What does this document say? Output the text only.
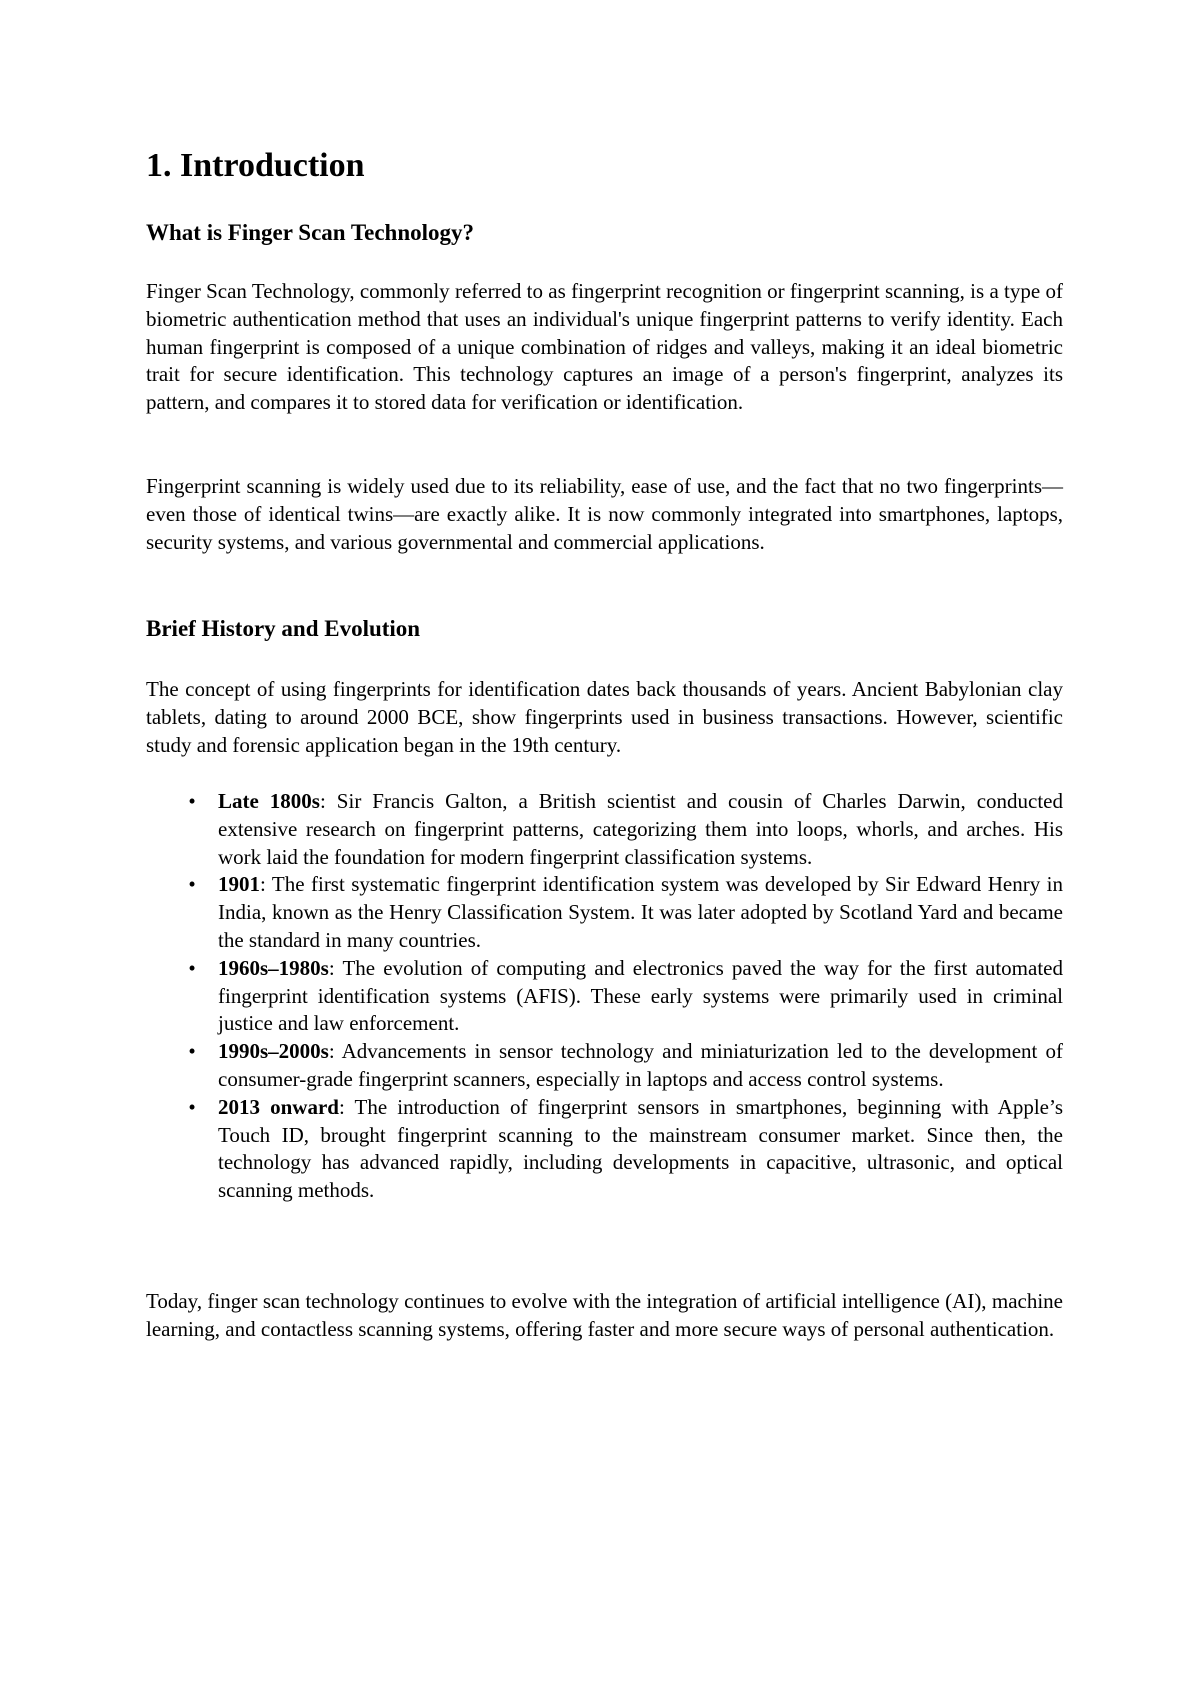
1. Introduction
What is Finger Scan Technology?

Finger Scan Technology, commonly referred to as fingerprint recognition or fingerprint scanning, is a type of biometric authentication method that uses an individual's unique fingerprint patterns to verify identity. Each human fingerprint is composed of a unique combination of ridges and valleys, making it an ideal biometric trait for secure identification. This technology captures an image of a person's fingerprint, analyzes its pattern, and compares it to stored data for verification or identification.

Fingerprint scanning is widely used due to its reliability, ease of use, and the fact that no two fingerprints—even those of identical twins—are exactly alike. It is now commonly integrated into smartphones, laptops, security systems, and various governmental and commercial applications.

Brief History and Evolution

The concept of using fingerprints for identification dates back thousands of years. Ancient Babylonian clay tablets, dating to around 2000 BCE, show fingerprints used in business transactions. However, scientific study and forensic application began in the 19th century.

•	Late 1800s: Sir Francis Galton, a British scientist and cousin of Charles Darwin, conducted extensive research on fingerprint patterns, categorizing them into loops, whorls, and arches. His work laid the foundation for modern fingerprint classification systems.
•	1901: The first systematic fingerprint identification system was developed by Sir Edward Henry in India, known as the Henry Classification System. It was later adopted by Scotland Yard and became the standard in many countries.
•	1960s–1980s: The evolution of computing and electronics paved the way for the first automated fingerprint identification systems (AFIS). These early systems were primarily used in criminal justice and law enforcement.
•	1990s–2000s: Advancements in sensor technology and miniaturization led to the development of consumer-grade fingerprint scanners, especially in laptops and access control systems.
•	2013 onward: The introduction of fingerprint sensors in smartphones, beginning with Apple’s Touch ID, brought fingerprint scanning to the mainstream consumer market. Since then, the technology has advanced rapidly, including developments in capacitive, ultrasonic, and optical scanning methods.

Today, finger scan technology continues to evolve with the integration of artificial intelligence (AI), machine learning, and contactless scanning systems, offering faster and more secure ways of personal authentication.
